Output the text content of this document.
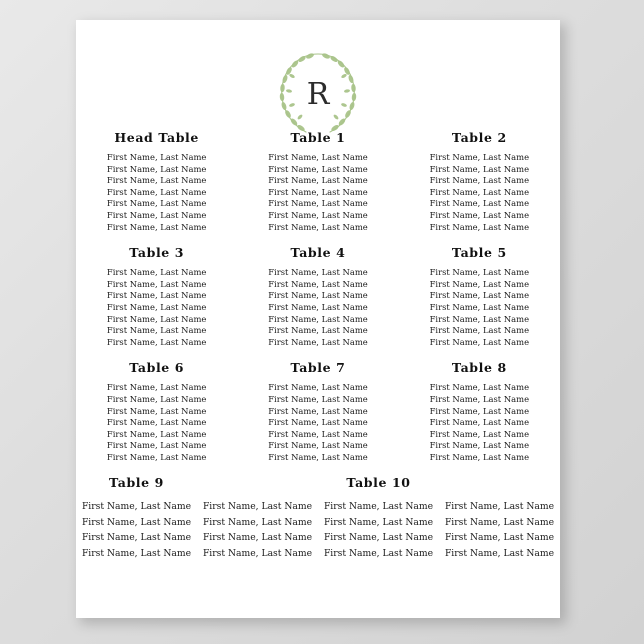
R
Head Table
First Name, Last Name
First Name, Last Name
First Name, Last Name
First Name, Last Name
First Name, Last Name
First Name, Last Name
First Name, Last Name
Table 1
First Name, Last Name
First Name, Last Name
First Name, Last Name
First Name, Last Name
First Name, Last Name
First Name, Last Name
First Name, Last Name
Table 2
First Name, Last Name
First Name, Last Name
First Name, Last Name
First Name, Last Name
First Name, Last Name
First Name, Last Name
First Name, Last Name
Table 3
First Name, Last Name
First Name, Last Name
First Name, Last Name
First Name, Last Name
First Name, Last Name
First Name, Last Name
First Name, Last Name
Table 4
First Name, Last Name
First Name, Last Name
First Name, Last Name
First Name, Last Name
First Name, Last Name
First Name, Last Name
First Name, Last Name
Table 5
First Name, Last Name
First Name, Last Name
First Name, Last Name
First Name, Last Name
First Name, Last Name
First Name, Last Name
First Name, Last Name
Table 6
First Name, Last Name
First Name, Last Name
First Name, Last Name
First Name, Last Name
First Name, Last Name
First Name, Last Name
First Name, Last Name
Table 7
First Name, Last Name
First Name, Last Name
First Name, Last Name
First Name, Last Name
First Name, Last Name
First Name, Last Name
First Name, Last Name
Table 8
First Name, Last Name
First Name, Last Name
First Name, Last Name
First Name, Last Name
First Name, Last Name
First Name, Last Name
First Name, Last Name
Table 9
First Name, Last Name
First Name, Last Name
First Name, Last Name
First Name, Last Name
First Name, Last Name
First Name, Last Name
First Name, Last Name
First Name, Last Name
Table 10
First Name, Last Name
First Name, Last Name
First Name, Last Name
First Name, Last Name
First Name, Last Name
First Name, Last Name
First Name, Last Name
First Name, Last Name
